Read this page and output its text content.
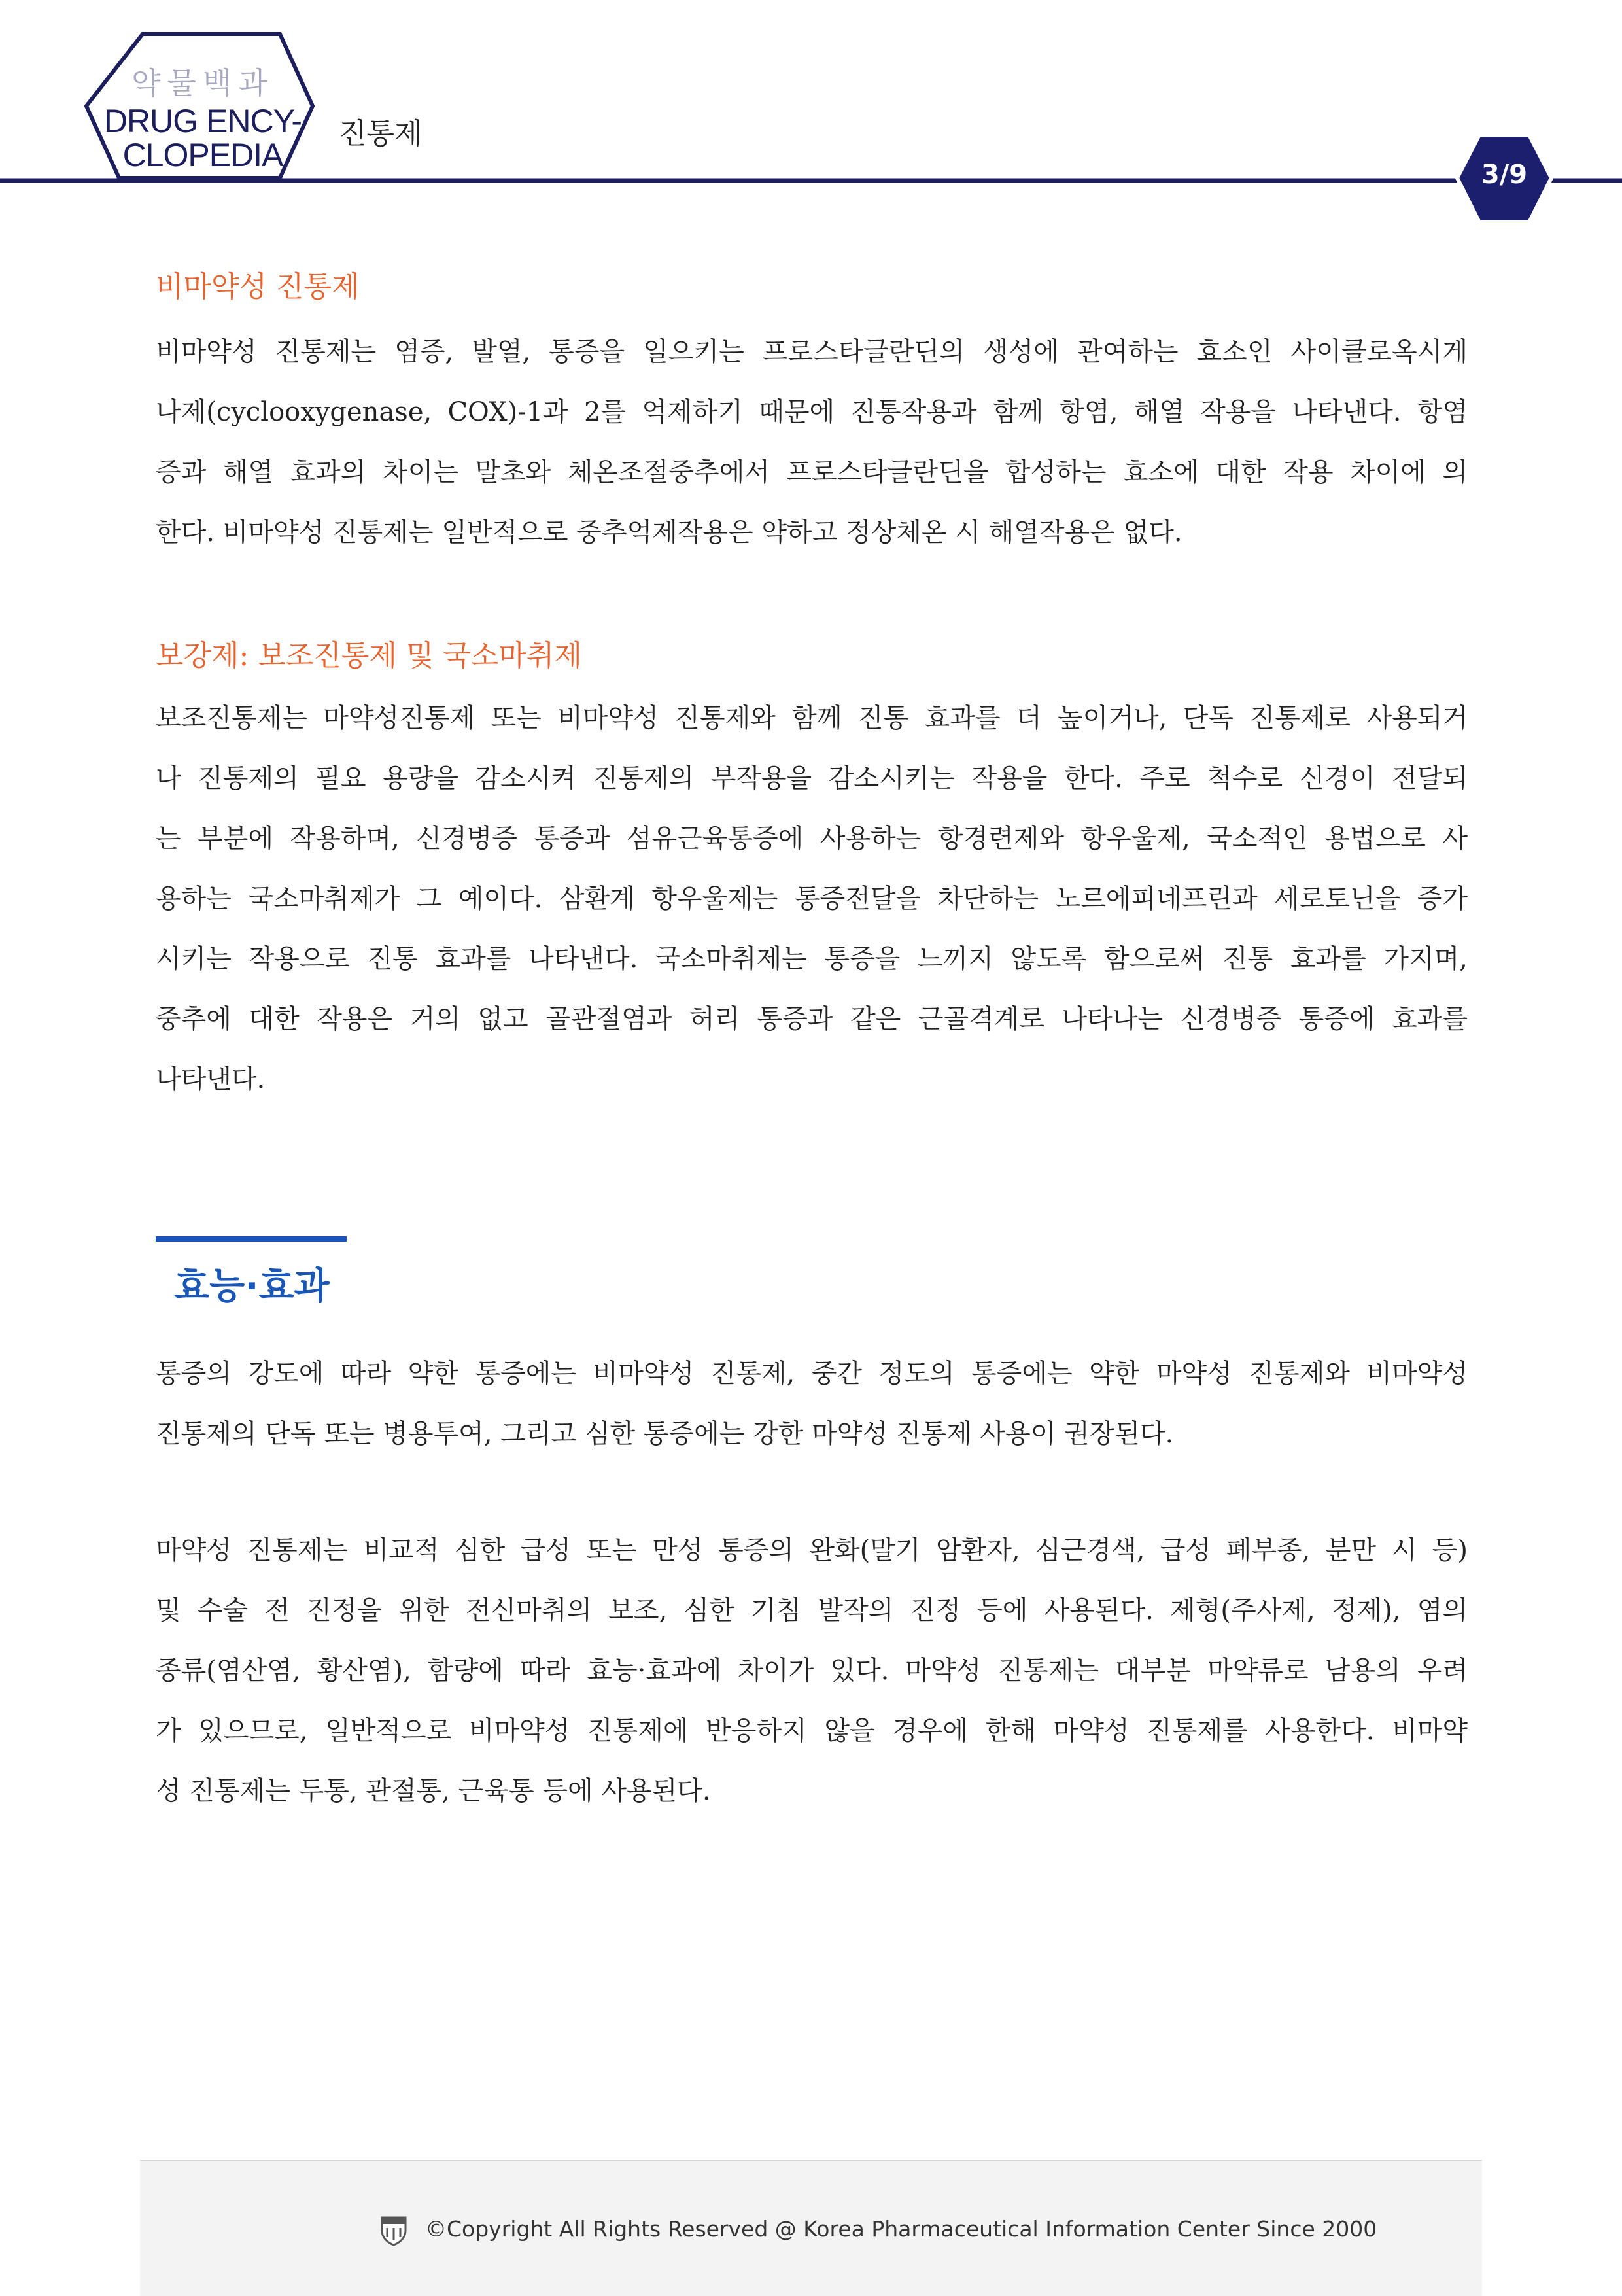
약물백과
DRUG ENCY-
CLOPEDIA
진통제
3/9
비마약성 진통제
비마약성 진통제는 염증, 발열, 통증을 일으키는 프로스타글란딘의 생성에 관여하는 효소인 사이클로옥시게
나제(cyclooxygenase, COX)-1과 2를 억제하기 때문에 진통작용과 함께 항염, 해열 작용을 나타낸다. 항염
증과 해열 효과의 차이는 말초와 체온조절중추에서 프로스타글란딘을 합성하는 효소에 대한 작용 차이에 의
한다. 비마약성 진통제는 일반적으로 중추억제작용은 약하고 정상체온 시 해열작용은 없다.
보강제: 보조진통제 및 국소마취제
보조진통제는 마약성진통제 또는 비마약성 진통제와 함께 진통 효과를 더 높이거나, 단독 진통제로 사용되거
나 진통제의 필요 용량을 감소시켜 진통제의 부작용을 감소시키는 작용을 한다. 주로 척수로 신경이 전달되
는 부분에 작용하며, 신경병증 통증과 섬유근육통증에 사용하는 항경련제와 항우울제, 국소적인 용법으로 사
용하는 국소마취제가 그 예이다. 삼환계 항우울제는 통증전달을 차단하는 노르에피네프린과 세로토닌을 증가
시키는 작용으로 진통 효과를 나타낸다. 국소마취제는 통증을 느끼지 않도록 함으로써 진통 효과를 가지며,
중추에 대한 작용은 거의 없고 골관절염과 허리 통증과 같은 근골격계로 나타나는 신경병증 통증에 효과를
나타낸다.
효능·효과
통증의 강도에 따라 약한 통증에는 비마약성 진통제, 중간 정도의 통증에는 약한 마약성 진통제와 비마약성
진통제의 단독 또는 병용투여, 그리고 심한 통증에는 강한 마약성 진통제 사용이 권장된다.
마약성 진통제는 비교적 심한 급성 또는 만성 통증의 완화(말기 암환자, 심근경색, 급성 폐부종, 분만 시 등)
및 수술 전 진정을 위한 전신마취의 보조, 심한 기침 발작의 진정 등에 사용된다. 제형(주사제, 정제), 염의
종류(염산염, 황산염), 함량에 따라 효능·효과에 차이가 있다. 마약성 진통제는 대부분 마약류로 남용의 우려
가 있으므로, 일반적으로 비마약성 진통제에 반응하지 않을 경우에 한해 마약성 진통제를 사용한다. 비마약
성 진통제는 두통, 관절통, 근육통 등에 사용된다.
©Copyright All Rights Reserved @ Korea Pharmaceutical Information Center Since 2000
